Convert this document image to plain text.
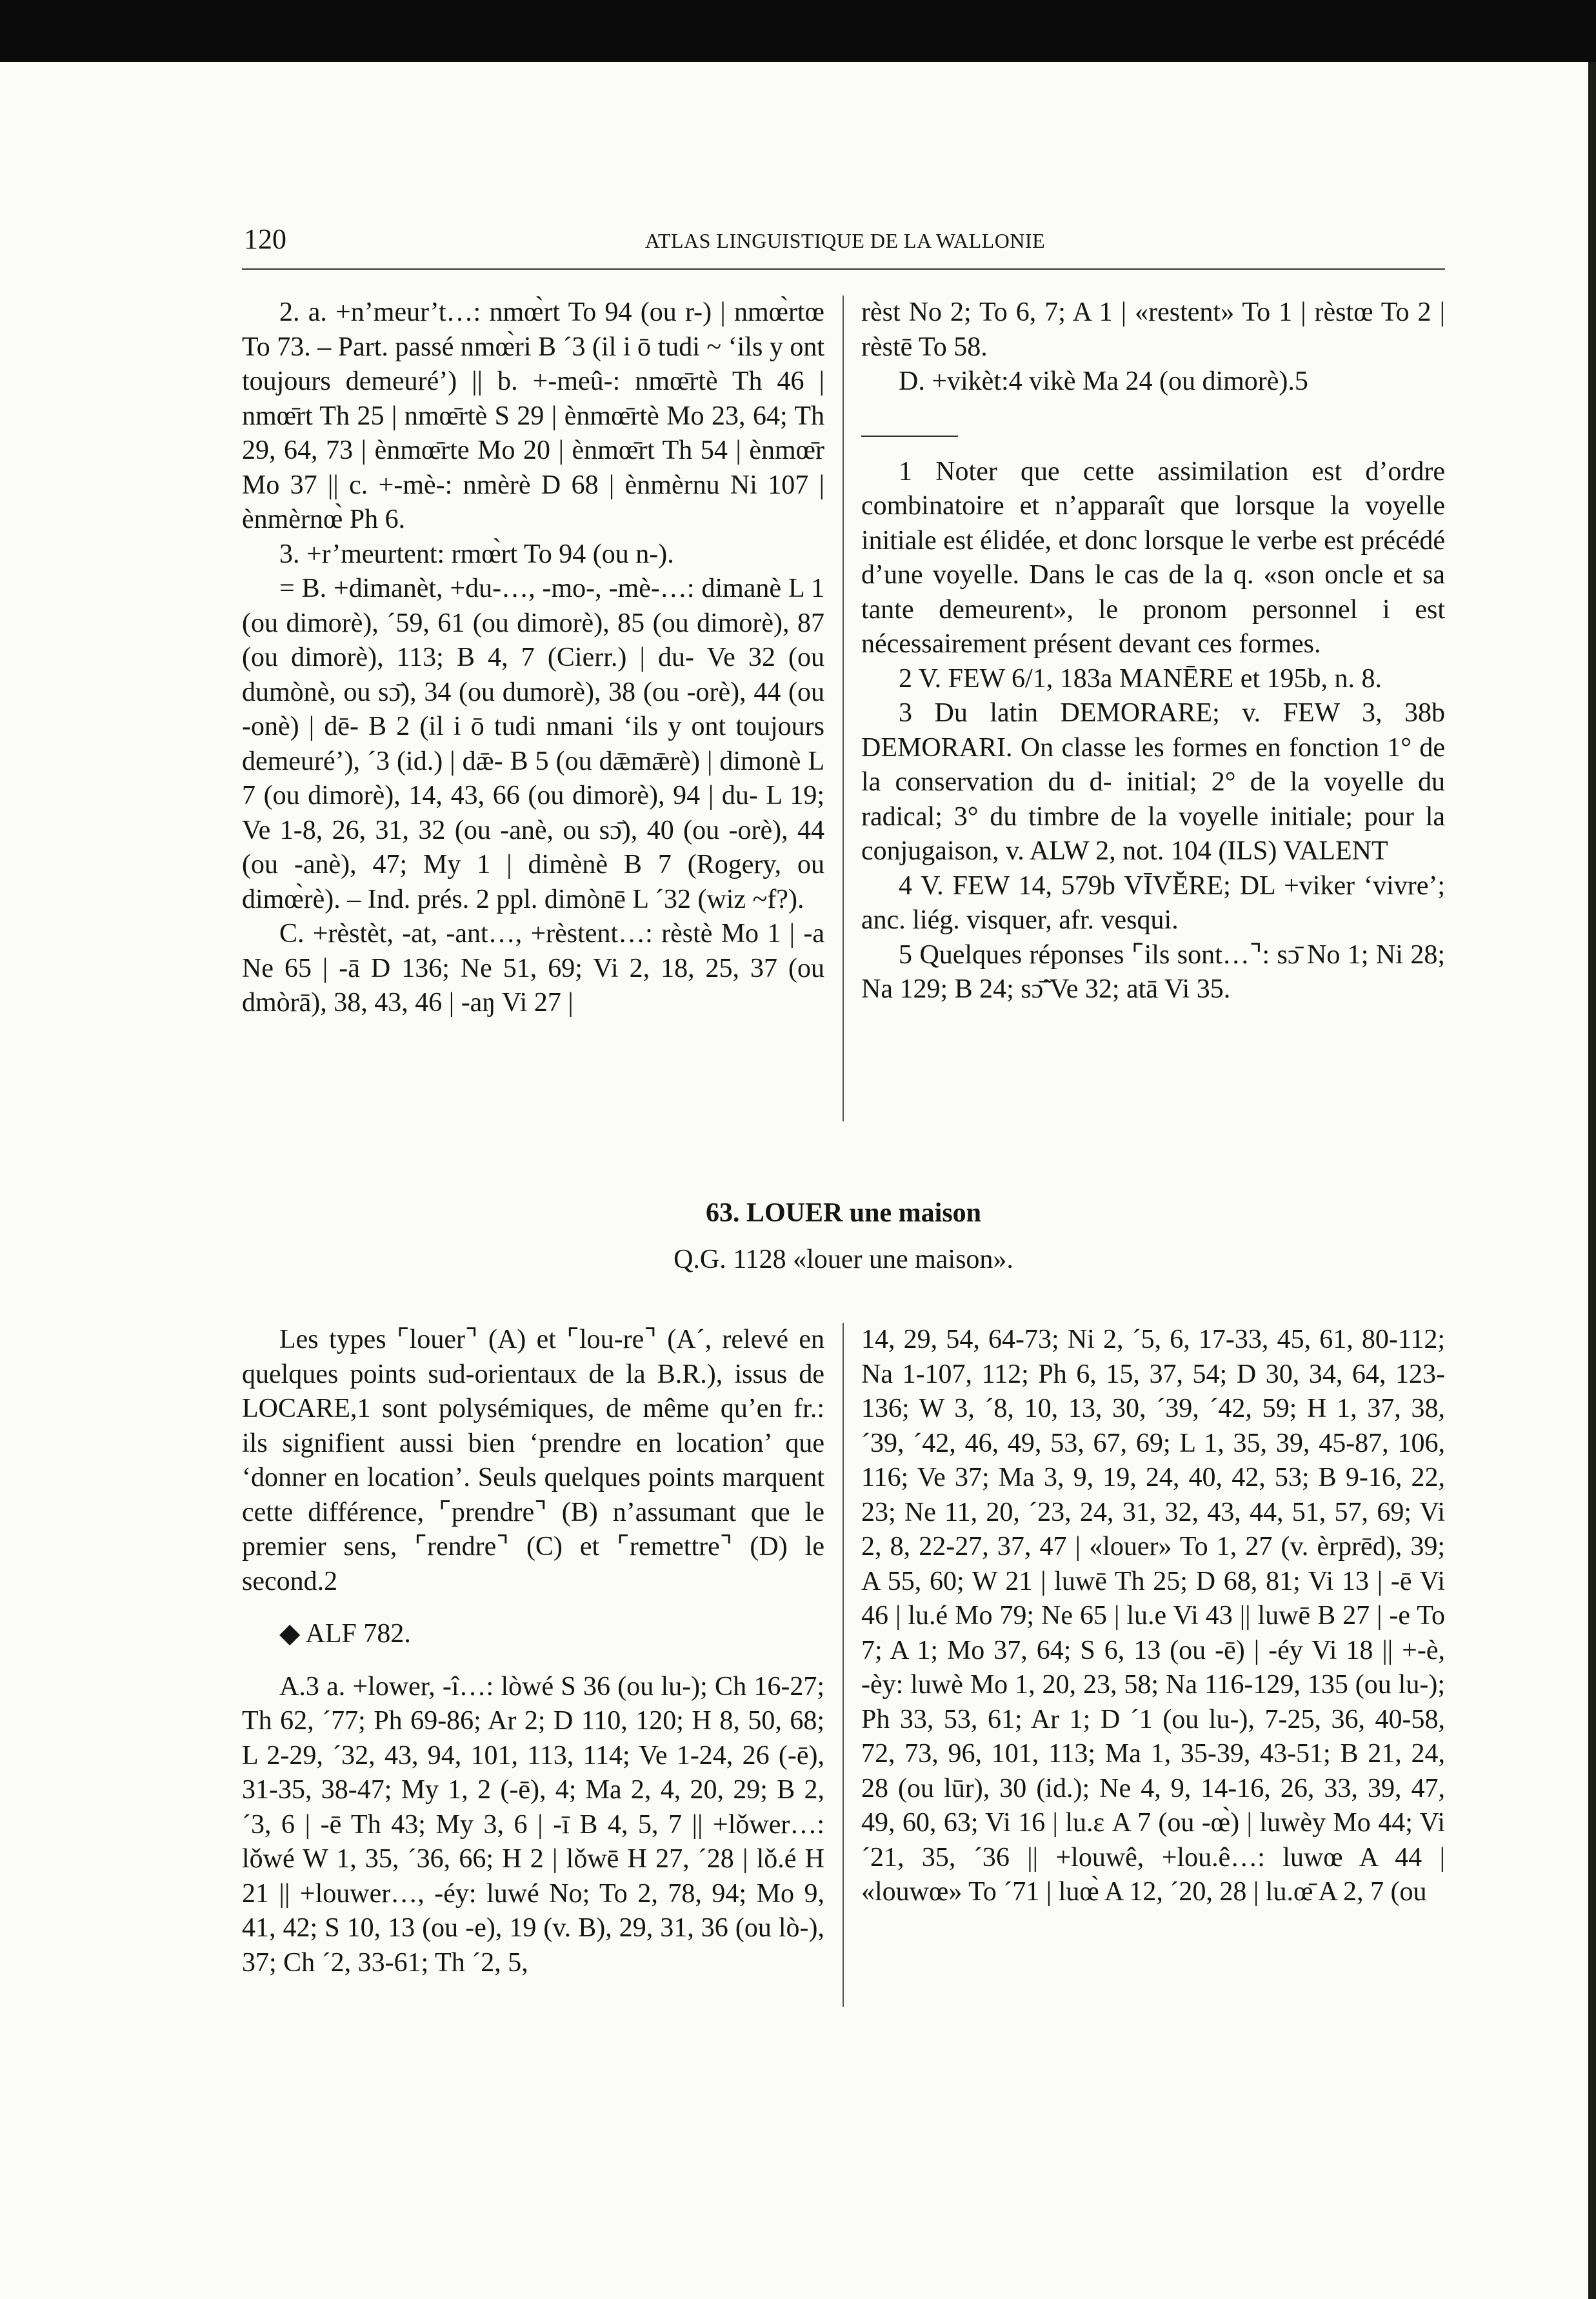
120	ATLAS LINGUISTIQUE DE LA WALLONIE

2. a. +n’meur’t…: nmœ̀rt To 94 (ou r-) | nmœ̀rtœ To 73. – Part. passé nmœ̀ri B ´3 (il i ō tudi ~ ‘ils y ont toujours demeuré’) || b. +-meû-: nmœ̄rtè Th 46 | nmœ̄rt Th 25 | nmœ̄rtè S 29 | ènmœ̄rtè Mo 23, 64; Th 29, 64, 73 | ènmœ̄rte Mo 20 | ènmœ̄rt Th 54 | ènmœ̄r Mo 37 || c. +-mè-: nmèrè D 68 | ènmèrnu Ni 107 | ènmèrnœ̀ Ph 6.

3. +r’meurtent: rmœ̀rt To 94 (ou n-).

= B. +dimanèt, +du-…, -mo-, -mè-…: dimanè L 1 (ou dimorè), ´59, 61 (ou dimorè), 85 (ou dimorè), 87 (ou dimorè), 113; B 4, 7 (Cierr.) | du- Ve 32 (ou dumònè, ou sɔ̄), 34 (ou dumorè), 38 (ou -orè), 44 (ou -onè) | dē- B 2 (il i ō tudi nmani ‘ils y ont toujours demeuré’), ´3 (id.) | dǣ- B 5 (ou dǣmǣrè) | dimonè L 7 (ou dimorè), 14, 43, 66 (ou dimorè), 94 | du- L 19; Ve 1-8, 26, 31, 32 (ou -anè, ou sɔ̄), 40 (ou -orè), 44 (ou -anè), 47; My 1 | dimènè B 7 (Rogery, ou dimœ̀rè). – Ind. prés. 2 ppl. dimònē L ´32 (wiz ~f?).

C. +rèstèt, -at, -ant…, +rèstent…: rèstè Mo 1 | -a Ne 65 | -ā D 136; Ne 51, 69; Vi 2, 18, 25, 37 (ou dmòrā), 38, 43, 46 | -aŋ Vi 27 |

rèst No 2; To 6, 7; A 1 | «restent» To 1 | rèstœ To 2 | rèstē To 58.

D. +vikèt:4 vikè Ma 24 (ou dimorè).5

1 Noter que cette assimilation est d’ordre combinatoire et n’apparaît que lorsque la voyelle initiale est élidée, et donc lorsque le verbe est précédé d’une voyelle. Dans le cas de la q. «son oncle et sa tante demeurent», le pronom personnel i est nécessairement présent devant ces formes.

2 V. FEW 6/1, 183a MANĒRE et 195b, n. 8.

3 Du latin DEMORARE; v. FEW 3, 38b DEMORARI. On classe les formes en fonction 1° de la conservation du d- initial; 2° de la voyelle du radical; 3° du timbre de la voyelle initiale; pour la conjugaison, v. ALW 2, not. 104 (ILS) VALENT

4 V. FEW 14, 579b VĪVĔRE; DL +viker ‘vivre’; anc. liég. visquer, afr. vesqui.

5 Quelques réponses ⌜ils sont…⌝: sɔ̄ No 1; Ni 28; Na 129; B 24; sɔ̄̃ Ve 32; atā Vi 35.

63. LOUER une maison
Q.G. 1128 «louer une maison».

Les types ⌜louer⌝ (A) et ⌜lou-re⌝ (A´, relevé en quelques points sud-orientaux de la B.R.), issus de LOCARE,1 sont polysémiques, de même qu’en fr.: ils signifient aussi bien ‘prendre en location’ que ‘donner en location’. Seuls quelques points marquent cette différence, ⌜prendre⌝ (B) n’assumant que le premier sens, ⌜rendre⌝ (C) et ⌜remettre⌝ (D) le second.2

◆ ALF 782.

A.3 a. +lower, -î…: lòwé S 36 (ou lu-); Ch 16-27; Th 62, ´77; Ph 69-86; Ar 2; D 110, 120; H 8, 50, 68; L 2-29, ´32, 43, 94, 101, 113, 114; Ve 1-24, 26 (-ē), 31-35, 38-47; My 1, 2 (-ē), 4; Ma 2, 4, 20, 29; B 2, ´3, 6 | -ē Th 43; My 3, 6 | -ī B 4, 5, 7 || +lǒwer…: lǒwé W 1, 35, ´36, 66; H 2 | lǒwē H 27, ´28 | lǒ.é H 21 || +louwer…, -éy: luwé No; To 2, 78, 94; Mo 9, 41, 42; S 10, 13 (ou -e), 19 (v. B), 29, 31, 36 (ou lò-), 37; Ch ´2, 33-61; Th ´2, 5,

14, 29, 54, 64-73; Ni 2, ´5, 6, 17-33, 45, 61, 80-112; Na 1-107, 112; Ph 6, 15, 37, 54; D 30, 34, 64, 123-136; W 3, ´8, 10, 13, 30, ´39, ´42, 59; H 1, 37, 38, ´39, ´42, 46, 49, 53, 67, 69; L 1, 35, 39, 45-87, 106, 116; Ve 37; Ma 3, 9, 19, 24, 40, 42, 53; B 9-16, 22, 23; Ne 11, 20, ´23, 24, 31, 32, 43, 44, 51, 57, 69; Vi 2, 8, 22-27, 37, 47 | «louer» To 1, 27 (v. èrprēd), 39; A 55, 60; W 21 | luwē Th 25; D 68, 81; Vi 13 | -ē Vi 46 | lu.é Mo 79; Ne 65 | lu.e Vi 43 || luwē B 27 | -e To 7; A 1; Mo 37, 64; S 6, 13 (ou -ē) | -éy Vi 18 || +-è, -èy: luwè Mo 1, 20, 23, 58; Na 116-129, 135 (ou lu-); Ph 33, 53, 61; Ar 1; D ´1 (ou lu-), 7-25, 36, 40-58, 72, 73, 96, 101, 113; Ma 1, 35-39, 43-51; B 21, 24, 28 (ou lūr), 30 (id.); Ne 4, 9, 14-16, 26, 33, 39, 47, 49, 60, 63; Vi 16 | lu.ε A 7 (ou -œ̀) | luwèy Mo 44; Vi ´21, 35, ´36 || +louwê, +lou.ê…: luwœ A 44 | «louwœ» To ´71 | luœ̀ A 12, ´20, 28 | lu.œ̄ A 2, 7 (ou
